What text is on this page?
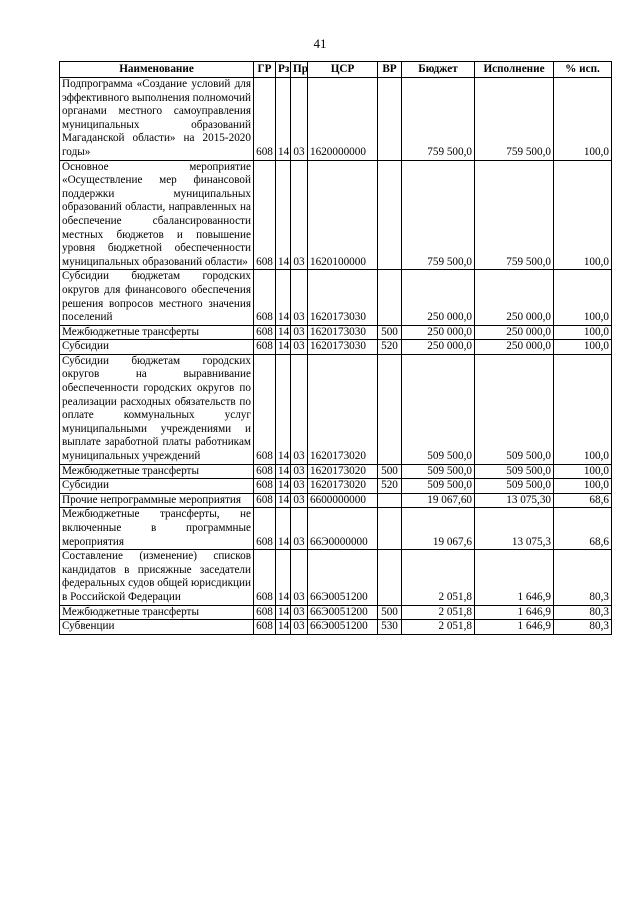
41
Наименование	ГР	Рз	Пр	ЦСР	ВР	Бюджет	Исполнение	% исп.
Подпрограмма «Создание условий для эффективного выполнения полномочий органами местного самоуправления муниципальных образований Магаданской области» на 2015-2020 годы»	608	14	03	1620000000		759 500,0	759 500,0	100,0
Основное мероприятие «Осуществление мер финансовой поддержки муниципальных образований области, направленных на обеспечение сбалансированности местных бюджетов и повышение уровня бюджетной обеспеченности муниципальных образований области»	608	14	03	1620100000		759 500,0	759 500,0	100,0
Субсидии бюджетам городских округов для финансового обеспечения решения вопросов местного значения поселений	608	14	03	1620173030		250 000,0	250 000,0	100,0
Межбюджетные трансферты	608	14	03	1620173030	500	250 000,0	250 000,0	100,0
Субсидии	608	14	03	1620173030	520	250 000,0	250 000,0	100,0
Субсидии бюджетам городских округов на выравнивание обеспеченности городских округов по реализации расходных обязательств по оплате коммунальных услуг муниципальными учреждениями и выплате заработной платы работникам муниципальных учреждений	608	14	03	1620173020		509 500,0	509 500,0	100,0
Межбюджетные трансферты	608	14	03	1620173020	500	509 500,0	509 500,0	100,0
Субсидии	608	14	03	1620173020	520	509 500,0	509 500,0	100,0
Прочие непрограммные мероприятия	608	14	03	6600000000		19 067,60	13 075,30	68,6
Межбюджетные трансферты, не включенные в программные мероприятия	608	14	03	66Э0000000		19 067,6	13 075,3	68,6
Составление (изменение) списков кандидатов в присяжные заседатели федеральных судов общей юрисдикции в Российской Федерации	608	14	03	66Э0051200		2 051,8	1 646,9	80,3
Межбюджетные трансферты	608	14	03	66Э0051200	500	2 051,8	1 646,9	80,3
Субвенции	608	14	03	66Э0051200	530	2 051,8	1 646,9	80,3
